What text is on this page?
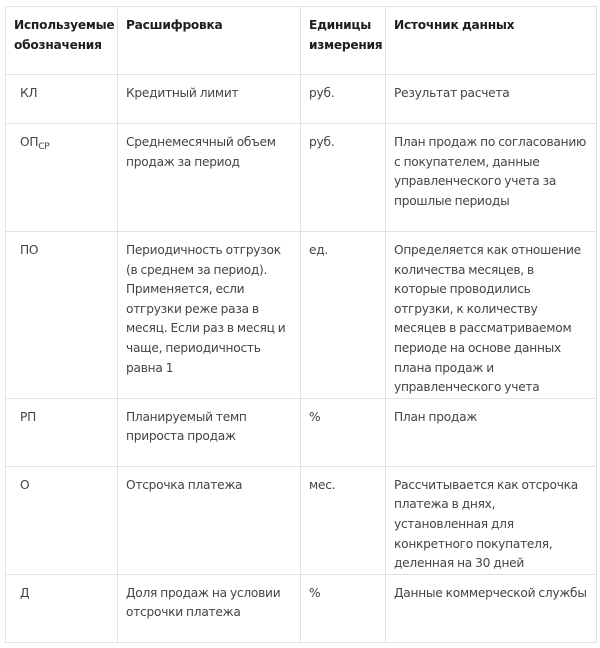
Используемые обозначения	Расшифровка	Единицы измерения	Источник данных
КЛ	Кредитный лимит	руб.	Результат расчета
$ОП_{СР}$	Среднемесячный объем продаж за период	руб.	План продаж по согласованию с покупателем, данные управленческого учета за прошлые периоды
ПО	Периодичность отгрузок (в среднем за период). Применяется, если отгрузки реже раза в месяц. Если раз в месяц и чаще, периодичность равна 1	ед.	Определяется как отношение количества месяцев, в которые проводились отгрузки, к количеству месяцев в рассматриваемом периоде на основе данных плана продаж и управленческого учета
РП	Планируемый темп прироста продаж	%	План продаж
О	Отсрочка платежа	мес.	Рассчитывается как отсрочка платежа в днях, установленная для конкретного покупателя, деленная на 30 дней
Д	Доля продаж на условии отсрочки платежа	%	Данные коммерческой службы
